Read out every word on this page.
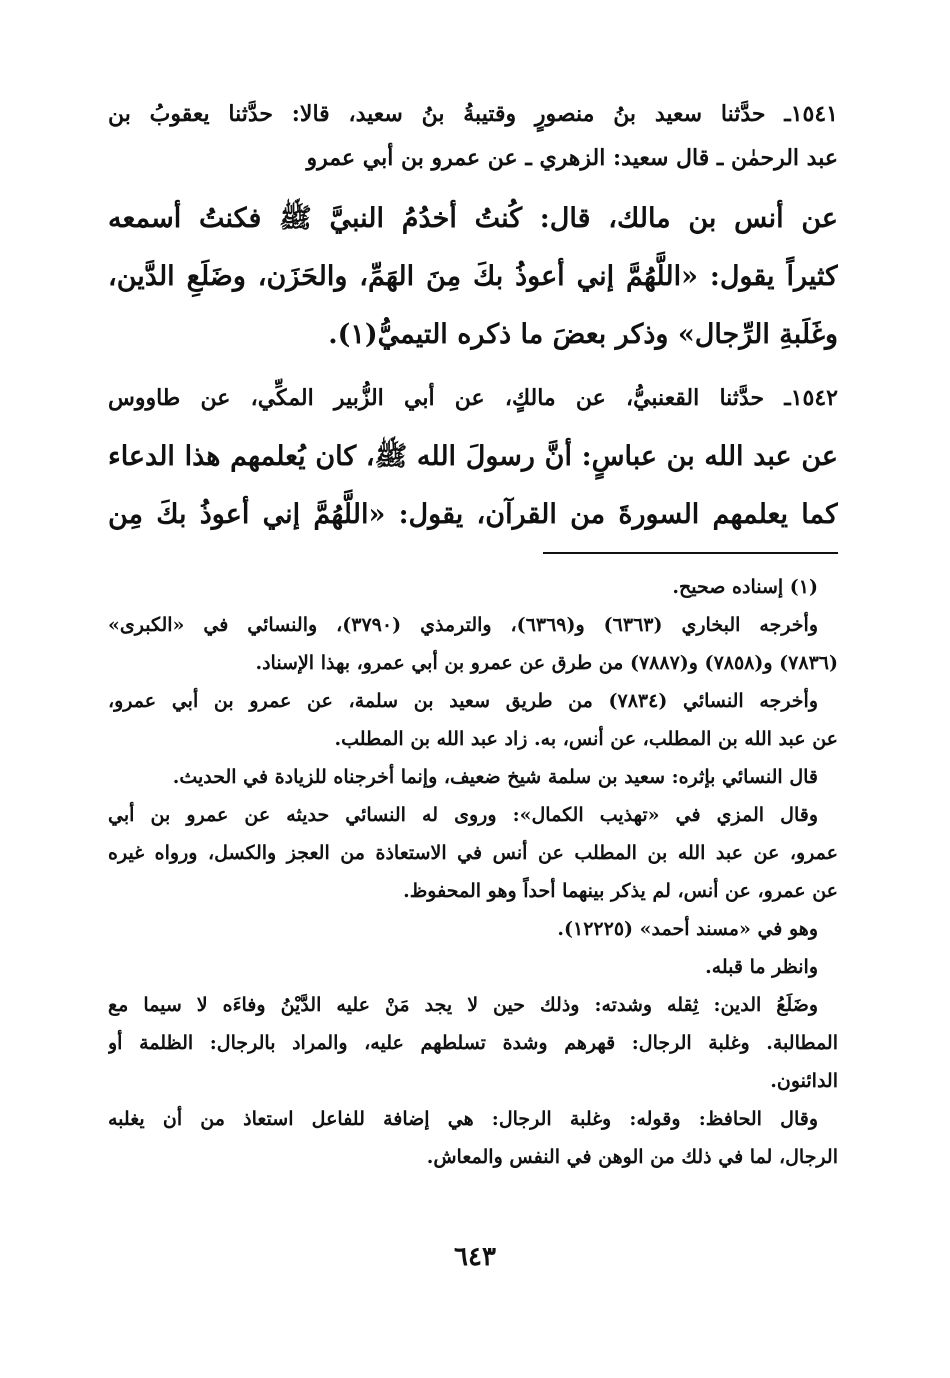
١٥٤١ـ حدَّثنا سعيد بنُ منصورٍ وقتيبةُ بنُ سعيد، قالا: حدَّثنا يعقوبُ بن
عبد الرحمٰن ـ قال سعيد: الزهري ـ عن عمرو بن أبي عمرو
عن أنس بن مالك، قال: كُنتُ أخدُمُ النبيَّ ﷺ فكنتُ أسمعه
كثيراً يقول: «اللَّهُمَّ إني أعوذُ بكَ مِنَ الهَمِّ، والحَزَن، وضَلَعِ الدَّين،
وغَلَبةِ الرِّجال» وذكر بعضَ ما ذكره التيميُّ(١).
١٥٤٢ـ حدَّثنا القعنبيُّ، عن مالكٍ، عن أبي الزُّبير المكِّي، عن طاووس
عن عبد الله بن عباسٍ: أنَّ رسولَ الله ﷺ، كان يُعلمهم هذا الدعاء
كما يعلمهم السورةَ من القرآن، يقول: «اللَّهُمَّ إني أعوذُ بكَ مِن
(١) إسناده صحيح.
وأخرجه البخاري (٦٣٦٣) و(٦٣٦٩)، والترمذي (٣٧٩٠)، والنسائي في «الكبرى»
(٧٨٣٦) و(٧٨٥٨) و(٧٨٨٧) من طرق عن عمرو بن أبي عمرو، بهذا الإسناد.
وأخرجه النسائي (٧٨٣٤) من طريق سعيد بن سلمة، عن عمرو بن أبي عمرو،
عن عبد الله بن المطلب، عن أنس، به. زاد عبد الله بن المطلب.
قال النسائي بإثره: سعيد بن سلمة شيخ ضعيف، وإنما أخرجناه للزيادة في الحديث.
وقال المزي في «تهذيب الكمال»: وروى له النسائي حديثه عن عمرو بن أبي
عمرو، عن عبد الله بن المطلب عن أنس في الاستعاذة من العجز والكسل، ورواه غيره
عن عمرو، عن أنس، لم يذكر بينهما أحداً وهو المحفوظ.
وهو في «مسند أحمد» (١٢٢٢٥).
وانظر ما قبله.
وضَلَعُ الدين: ثِقله وشدته: وذلك حين لا يجد مَنْ عليه الدَّيْنُ وفاءَه لا سيما مع
المطالبة. وغلبة الرجال: قهرهم وشدة تسلطهم عليه، والمراد بالرجال: الظلمة أو
الدائنون.
وقال الحافظ: وقوله: وغلبة الرجال: هي إضافة للفاعل استعاذ من أن يغلبه
الرجال، لما في ذلك من الوهن في النفس والمعاش.
٦٤٣
